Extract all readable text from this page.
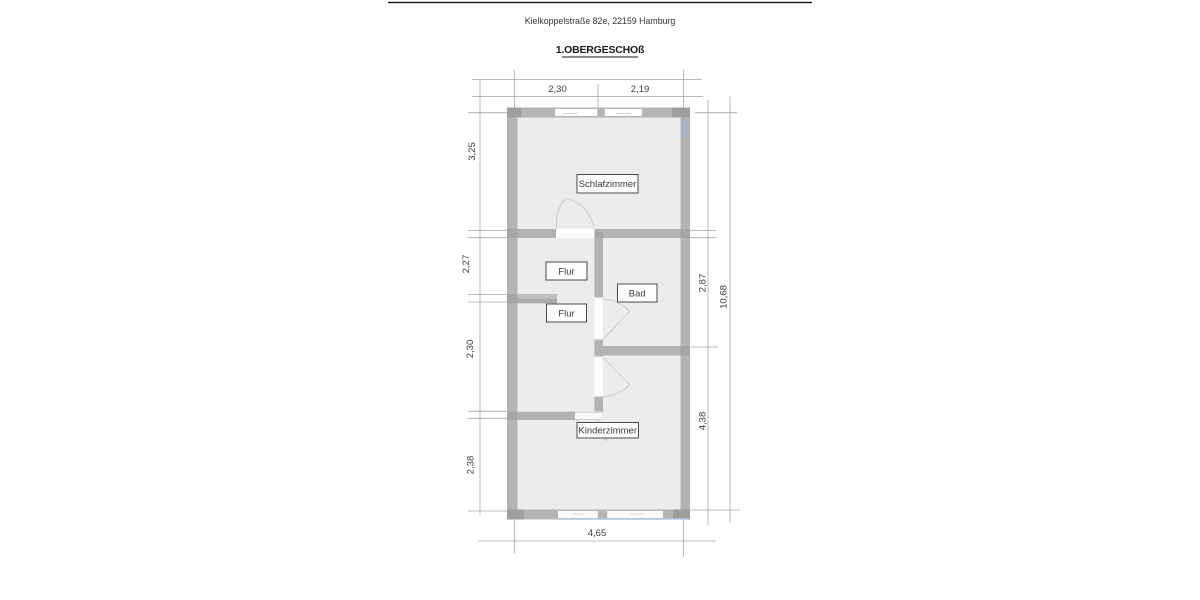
Kielkoppelstraße 82e, 22159 Hamburg
1.OBERGESCHOß
Schlafzimmer
Flur
Bad
Flur
Kinderzimmer
2,30	2,19
3,25
2,27
2,30
2,38
2,87
10,68
4,38
4,65
